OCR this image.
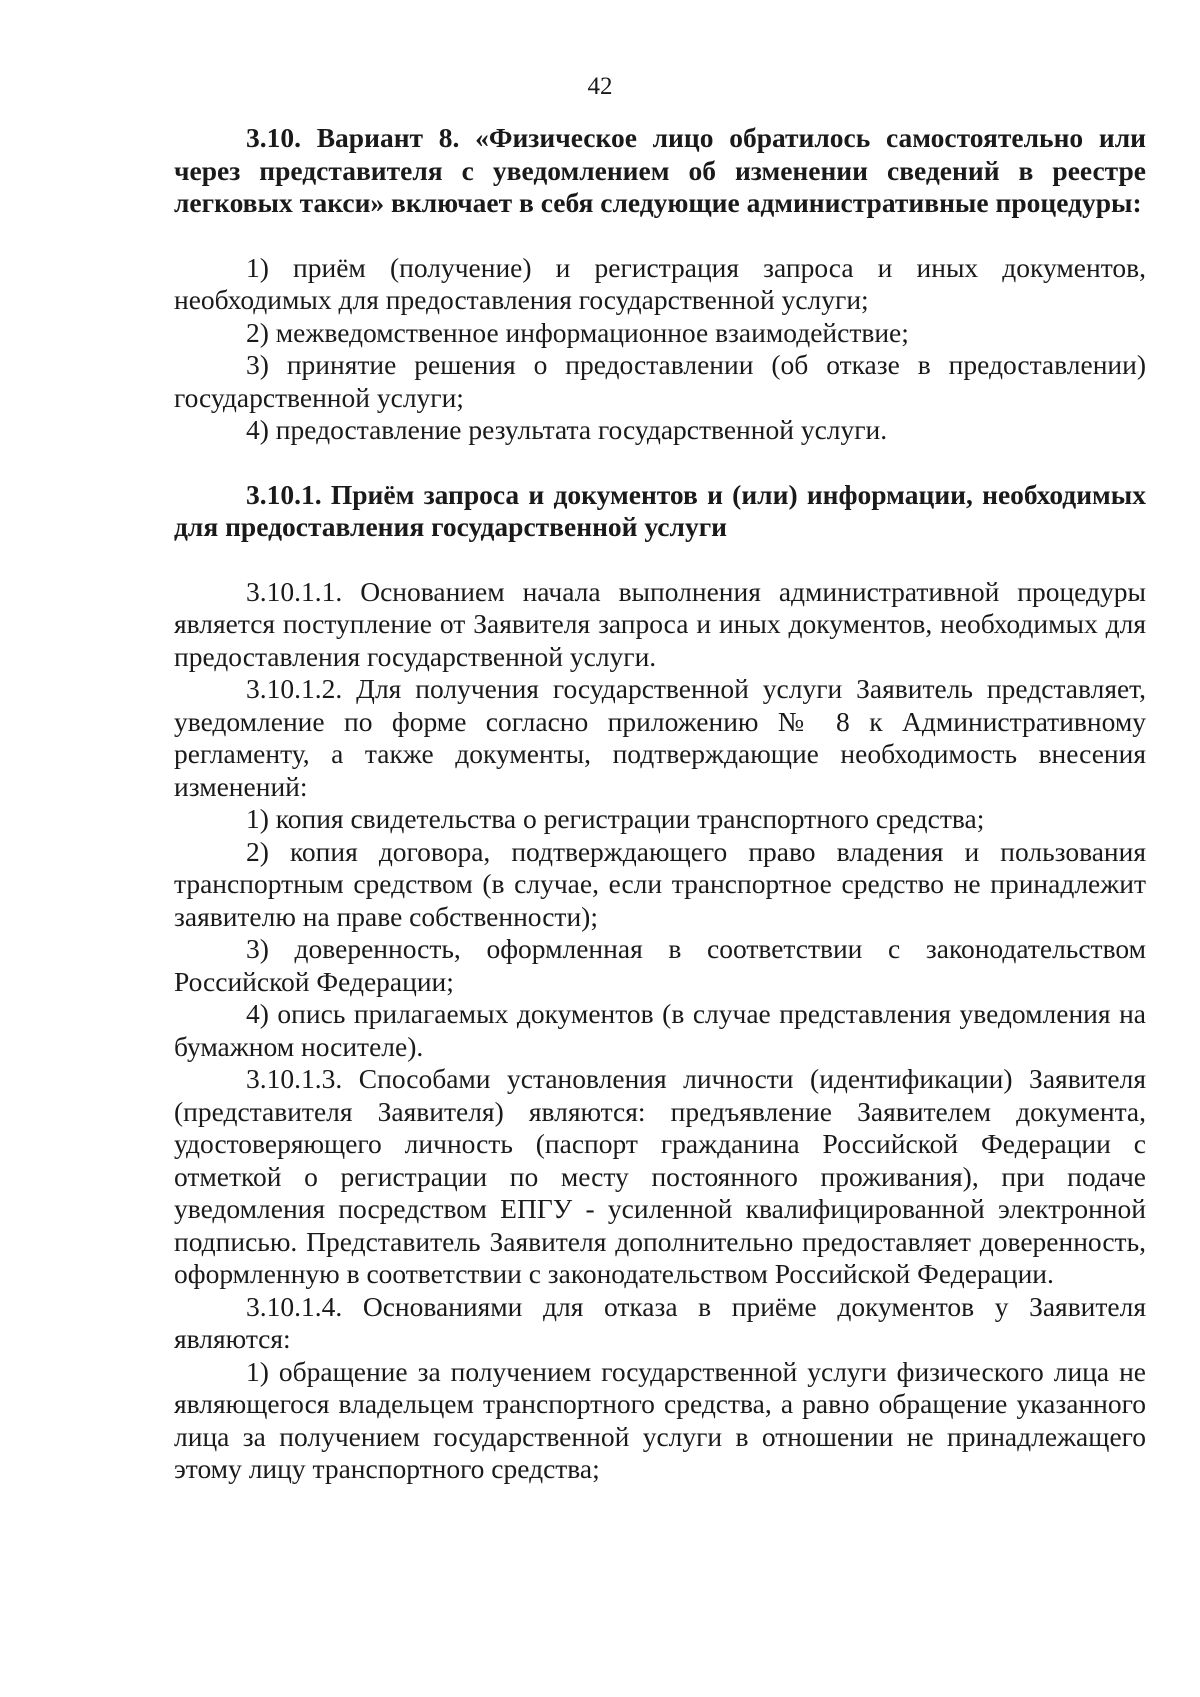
42

3.10. Вариант 8. «Физическое лицо обратилось самостоятельно или через представителя с уведомлением об изменении сведений в реестре легковых такси» включает в себя следующие административные процедуры:

1) приём (получение) и регистрация запроса и иных документов, необходимых для предоставления государственной услуги;

2) межведомственное информационное взаимодействие;

3) принятие решения о предоставлении (об отказе в предоставлении) государственной услуги;

4) предоставление результата государственной услуги.

3.10.1. Приём запроса и документов и (или) информации, необходимых для предоставления государственной услуги

3.10.1.1. Основанием начала выполнения административной процедуры является поступление от Заявителя запроса и иных документов, необходимых для предоставления государственной услуги.

3.10.1.2. Для получения государственной услуги Заявитель представляет, уведомление по форме согласно приложению № 8 к Административному регламенту, а также документы, подтверждающие необходимость внесения изменений:

1) копия свидетельства о регистрации транспортного средства;

2) копия договора, подтверждающего право владения и пользования транспортным средством (в случае, если транспортное средство не принадлежит заявителю на праве собственности);

3) доверенность, оформленная в соответствии с законодательством Российской Федерации;

4) опись прилагаемых документов (в случае представления уведомления на бумажном носителе).

3.10.1.3. Способами установления личности (идентификации) Заявителя (представителя Заявителя) являются: предъявление Заявителем документа, удостоверяющего личность (паспорт гражданина Российской Федерации с отметкой о регистрации по месту постоянного проживания), при подаче уведомления посредством ЕПГУ - усиленной квалифицированной электронной подписью. Представитель Заявителя дополнительно предоставляет доверенность, оформленную в соответствии с законодательством Российской Федерации.

3.10.1.4. Основаниями для отказа в приёме документов у Заявителя являются:

1) обращение за получением государственной услуги физического лица не являющегося владельцем транспортного средства, а равно обращение указанного лица за получением государственной услуги в отношении не принадлежащего этому лицу транспортного средства;
